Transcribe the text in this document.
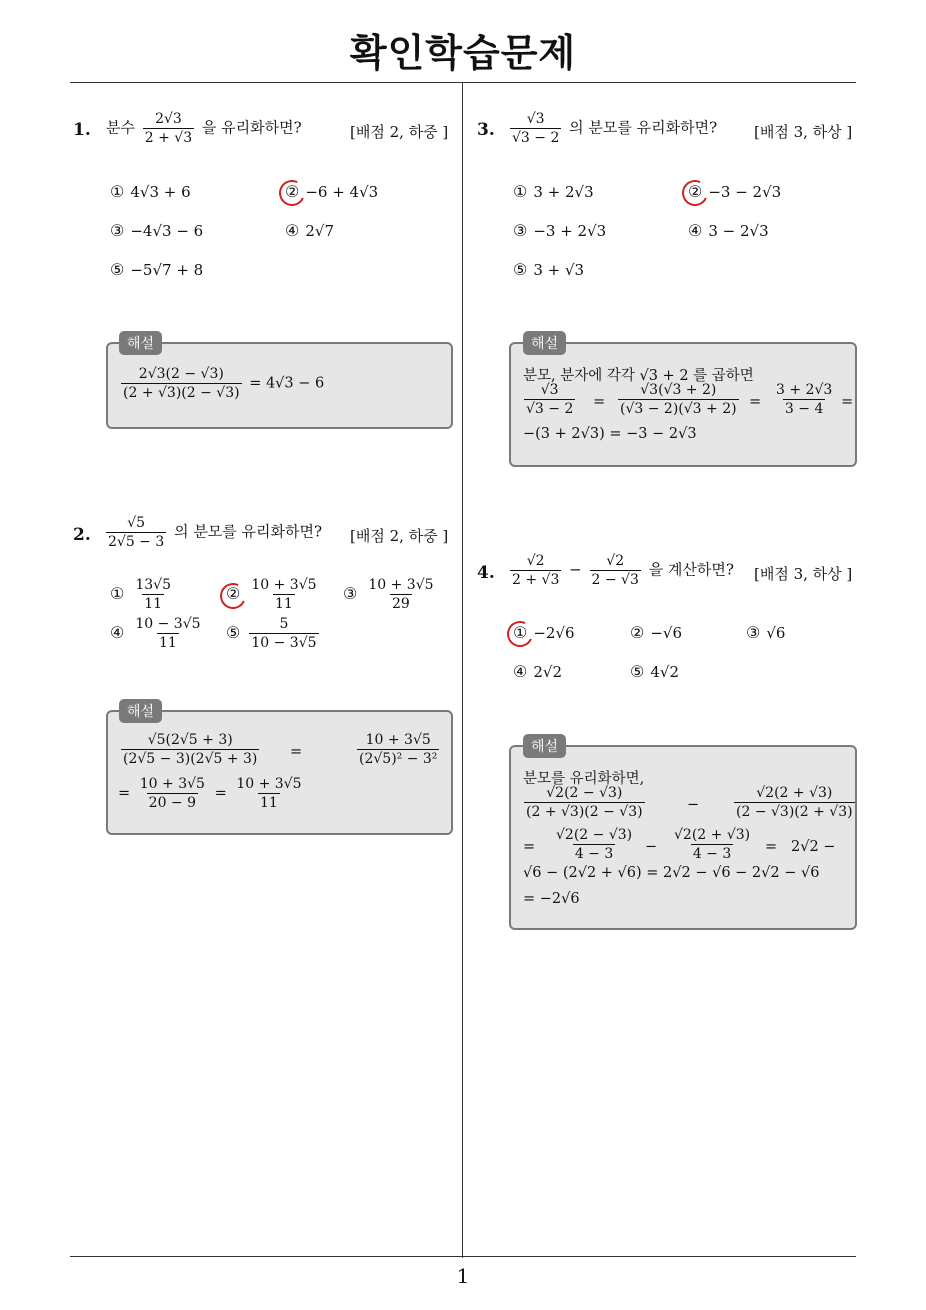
확인학습문제
1
1. 분수 $\frac{2√3}{2 + √3}$ 을 유리화하면?	[배점 2, 하중 ]
① 4√3 + 6	② −6 + 4√3
③ −4√3 − 6	④ 2√7
⑤ −5√7 + 8
$\frac{2√3(2 - √3)}{(2 + √3)(2 - √3)} = 4√3 - 6$
해설
2. $\frac{√5}{2√5 - 3}$ 의 분모를 유리화하면? [배점 2, 하중 ]
① $\frac{13√5}{11}$	② $\frac{10 + 3√5}{11}$ ③ $\frac{10 + 3√5}{29}$
④ $\frac{10 - 3√5}{11}$ ⑤ $\frac{5}{10 - 3√5}$
$\frac{√5(2√5 + 3)}{(2√5 - 3)(2√5 + 3)}$ =	$\frac{10 + 3√5}{\text{(2√5)² − 3²}}$
= $\frac{10 + 3√5}{20 - 9} = \frac{10 + 3√5}{11}$
해설
3. $\frac{√3}{√3 - 2}$ 의 분모를 유리화하면? [배점 3, 하상 ]
① 3 + 2√3	② −3 − 2√3
③ −3 + 2√3	④ 3 − 2√3
⑤ 3 + √3
분모, 분자에 각각 √3 + 2 를 곱하면
$\frac{√3}{√3 - 2} = \frac{√3(√3 + 2)}{(√3 - 2)(√3 + 2)} = \frac{3 + 2√3}{3 - 4}$ =
−(3 + 2√3) = −3 − 2√3
해설
4. $\frac{√2}{2 + √3} - \frac{√2}{2 - √3}$ 을 계산하면? [배점 3, 하상 ]
① −2√6	② −√6	③ √6
④ 2√2	⑤ 4√2
분모를 유리화하면,
$\frac{√2(2 - √3)}{(2 + √3)(2 - √3)}$	− $\frac{√2(2 + √3)}{(2 - √3)(2 + √3)}$
= $\frac{√2(2 - √3)}{4 - 3} - \frac{√2(2 + √3)}{4 - 3} = 2√2$ −
√6 − (2√2 + √6) = 2√2 − √6 − 2√2 − √6
= −2√6
해설
